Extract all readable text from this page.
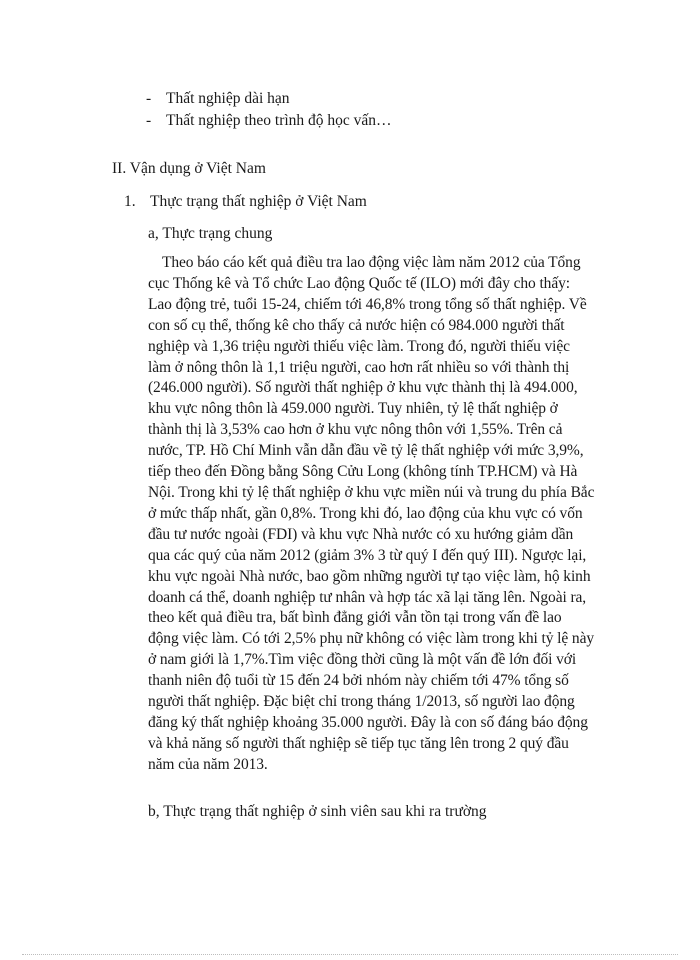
- Thất nghiệp dài hạn
- Thất nghiệp theo trình độ học vấn…
II. Vận dụng ở Việt Nam
1. Thực trạng thất nghiệp ở Việt Nam
a, Thực trạng chung
Theo báo cáo kết quả điều tra lao động việc làm năm 2012 của Tổng
cục Thống kê và Tổ chức Lao động Quốc tế (ILO) mới đây cho thấy:
Lao động trẻ, tuổi 15-24, chiếm tới 46,8% trong tổng số thất nghiệp. Về
con số cụ thể, thống kê cho thấy cả nước hiện có 984.000 người thất
nghiệp và 1,36 triệu người thiếu việc làm. Trong đó, người thiếu việc
làm ở nông thôn là 1,1 triệu người, cao hơn rất nhiều so với thành thị
(246.000 người). Số người thất nghiệp ở khu vực thành thị là 494.000,
khu vực nông thôn là 459.000 người. Tuy nhiên, tỷ lệ thất nghiệp ở
thành thị là 3,53% cao hơn ở khu vực nông thôn với 1,55%. Trên cả
nước, TP. Hồ Chí Minh vẫn dẫn đầu về tỷ lệ thất nghiệp với mức 3,9%,
tiếp theo đến Đồng bằng Sông Cửu Long (không tính TP.HCM) và Hà
Nội. Trong khi tỷ lệ thất nghiệp ở khu vực miền núi và trung du phía Bắc
ở mức thấp nhất, gần 0,8%. Trong khi đó, lao động của khu vực có vốn
đầu tư nước ngoài (FDI) và khu vực Nhà nước có xu hướng giảm dần
qua các quý của năm 2012 (giảm 3% 3 từ quý I đến quý III). Ngược lại,
khu vực ngoài Nhà nước, bao gồm những người tự tạo việc làm, hộ kinh
doanh cá thể, doanh nghiệp tư nhân và hợp tác xã lại tăng lên. Ngoài ra,
theo kết quả điều tra, bất bình đẳng giới vẫn tồn tại trong vấn đề lao
động việc làm. Có tới 2,5% phụ nữ không có việc làm trong khi tỷ lệ này
ở nam giới là 1,7%.Tìm việc đồng thời cũng là một vấn đề lớn đối với
thanh niên độ tuổi từ 15 đến 24 bởi nhóm này chiếm tới 47% tổng số
người thất nghiệp. Đặc biệt chỉ trong tháng 1/2013, số người lao động
đăng ký thất nghiệp khoảng 35.000 người. Đây là con số đáng báo động
và khả năng số người thất nghiệp sẽ tiếp tục tăng lên trong 2 quý đầu
năm của năm 2013.
b, Thực trạng thất nghiệp ở sinh viên sau khi ra trường
